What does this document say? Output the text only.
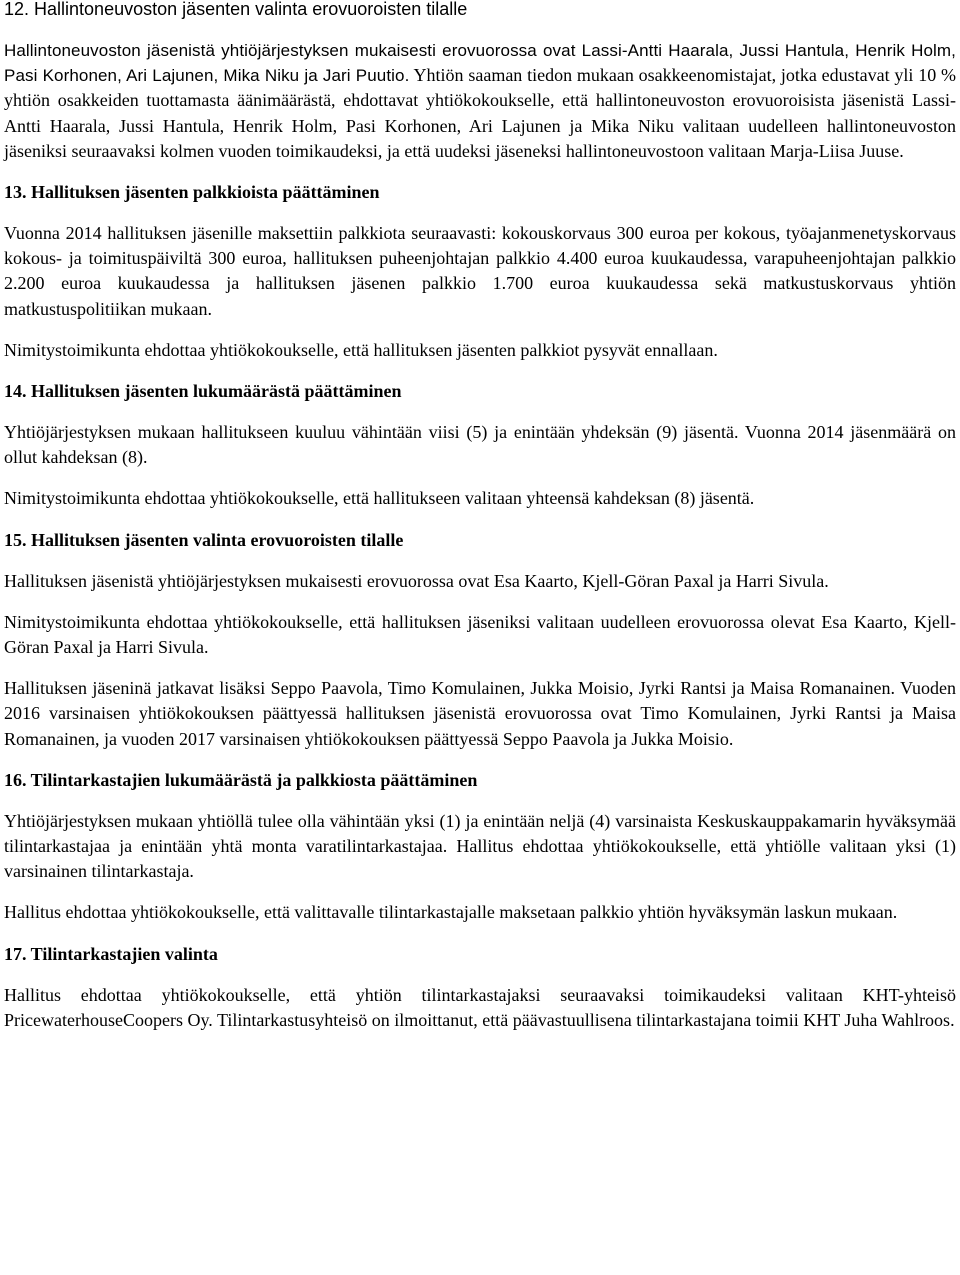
12. Hallintoneuvoston jäsenten valinta erovuoroisten tilalle

Hallintoneuvoston jäsenistä yhtiöjärjestyksen mukaisesti erovuorossa ovat Lassi-Antti Haarala, Jussi Hantula, Henrik Holm, Pasi Korhonen, Ari Lajunen, Mika Niku ja Jari Puutio. Yhtiön saaman tiedon mukaan osakkeenomistajat, jotka edustavat yli 10 % yhtiön osakkeiden tuottamasta äänimäärästä, ehdottavat yhtiökokoukselle, että hallintoneuvoston erovuoroisista jäsenistä Lassi-Antti Haarala, Jussi Hantula, Henrik Holm, Pasi Korhonen, Ari Lajunen ja Mika Niku valitaan uudelleen hallintoneuvoston jäseniksi seuraavaksi kolmen vuoden toimikaudeksi, ja että uudeksi jäseneksi hallintoneuvostoon valitaan Marja-Liisa Juuse.

13. Hallituksen jäsenten palkkioista päättäminen

Vuonna 2014 hallituksen jäsenille maksettiin palkkiota seuraavasti: kokouskorvaus 300 euroa per kokous, työajanmenetyskorvaus kokous- ja toimituspäiviltä 300 euroa, hallituksen puheenjohtajan palkkio 4.400 euroa kuukaudessa, varapuheenjohtajan palkkio 2.200 euroa kuukaudessa ja hallituksen jäsenen palkkio 1.700 euroa kuukaudessa sekä matkustuskorvaus yhtiön matkustuspolitiikan mukaan.

Nimitystoimikunta ehdottaa yhtiökokoukselle, että hallituksen jäsenten palkkiot pysyvät ennallaan.

14. Hallituksen jäsenten lukumäärästä päättäminen

Yhtiöjärjestyksen mukaan hallitukseen kuuluu vähintään viisi (5) ja enintään yhdeksän (9) jäsentä. Vuonna 2014 jäsenmäärä on ollut kahdeksan (8).

Nimitystoimikunta ehdottaa yhtiökokoukselle, että hallitukseen valitaan yhteensä kahdeksan (8) jäsentä.

15. Hallituksen jäsenten valinta erovuoroisten tilalle

Hallituksen jäsenistä yhtiöjärjestyksen mukaisesti erovuorossa ovat Esa Kaarto, Kjell-Göran Paxal ja Harri Sivula.

Nimitystoimikunta ehdottaa yhtiökokoukselle, että hallituksen jäseniksi valitaan uudelleen erovuorossa olevat Esa Kaarto, Kjell-Göran Paxal ja Harri Sivula.

Hallituksen jäseninä jatkavat lisäksi Seppo Paavola, Timo Komulainen, Jukka Moisio, Jyrki Rantsi ja Maisa Romanainen. Vuoden 2016 varsinaisen yhtiökokouksen päättyessä hallituksen jäsenistä erovuorossa ovat Timo Komulainen, Jyrki Rantsi ja Maisa Romanainen, ja vuoden 2017 varsinaisen yhtiökokouksen päättyessä Seppo Paavola ja Jukka Moisio.

16. Tilintarkastajien lukumäärästä ja palkkiosta päättäminen

Yhtiöjärjestyksen mukaan yhtiöllä tulee olla vähintään yksi (1) ja enintään neljä (4) varsinaista Keskuskauppakamarin hyväksymää tilintarkastajaa ja enintään yhtä monta varatilintarkastajaa. Hallitus ehdottaa yhtiökokoukselle, että yhtiölle valitaan yksi (1) varsinainen tilintarkastaja.

Hallitus ehdottaa yhtiökokoukselle, että valittavalle tilintarkastajalle maksetaan palkkio yhtiön hyväksymän laskun mukaan.

17. Tilintarkastajien valinta

Hallitus ehdottaa yhtiökokoukselle, että yhtiön tilintarkastajaksi seuraavaksi toimikaudeksi valitaan KHT-yhteisö PricewaterhouseCoopers Oy. Tilintarkastusyhteisö on ilmoittanut, että päävastuullisena tilintarkastajana toimii KHT Juha Wahlroos.
